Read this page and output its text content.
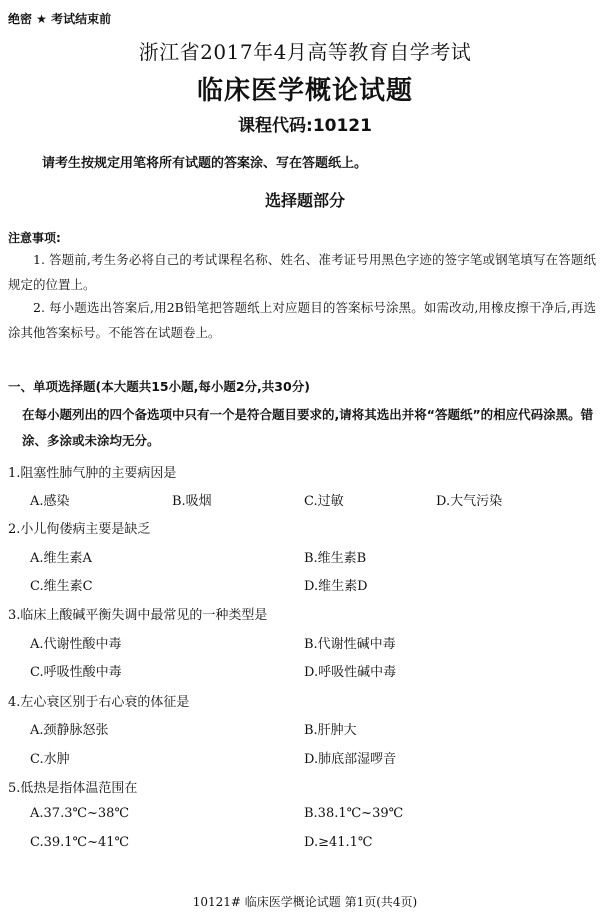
绝密 ★ 考试结束前
浙江省2017年4月高等教育自学考试
临床医学概论试题
课程代码:10121
请考生按规定用笔将所有试题的答案涂、写在答题纸上。
选择题部分
注意事项:
1. 答题前,考生务必将自己的考试课程名称、姓名、准考证号用黑色字迹的签字笔或钢笔填写在答题纸规定的位置上。
2. 每小题选出答案后,用2B铅笔把答题纸上对应题目的答案标号涂黑。如需改动,用橡皮擦干净后,再选涂其他答案标号。不能答在试题卷上。
一、单项选择题(本大题共15小题,每小题2分,共30分)
在每小题列出的四个备选项中只有一个是符合题目要求的,请将其选出并将“答题纸”的相应代码涂黑。错涂、多涂或未涂均无分。
1.阻塞性肺气肿的主要病因是
A.感染	B.吸烟	C.过敏	D.大气污染
2.小儿佝偻病主要是缺乏
A.维生素A	B.维生素B
C.维生素C	D.维生素D
3.临床上酸碱平衡失调中最常见的一种类型是
A.代谢性酸中毒	B.代谢性碱中毒
C.呼吸性酸中毒	D.呼吸性碱中毒
4.左心衰区别于右心衰的体征是
A.颈静脉怒张	B.肝肿大
C.水肿	D.肺底部湿啰音
5.低热是指体温范围在
A.37.3℃~38℃	B.38.1℃~39℃
C.39.1℃~41℃	D.≥41.1℃
10121# 临床医学概论试题 第1页(共4页)
